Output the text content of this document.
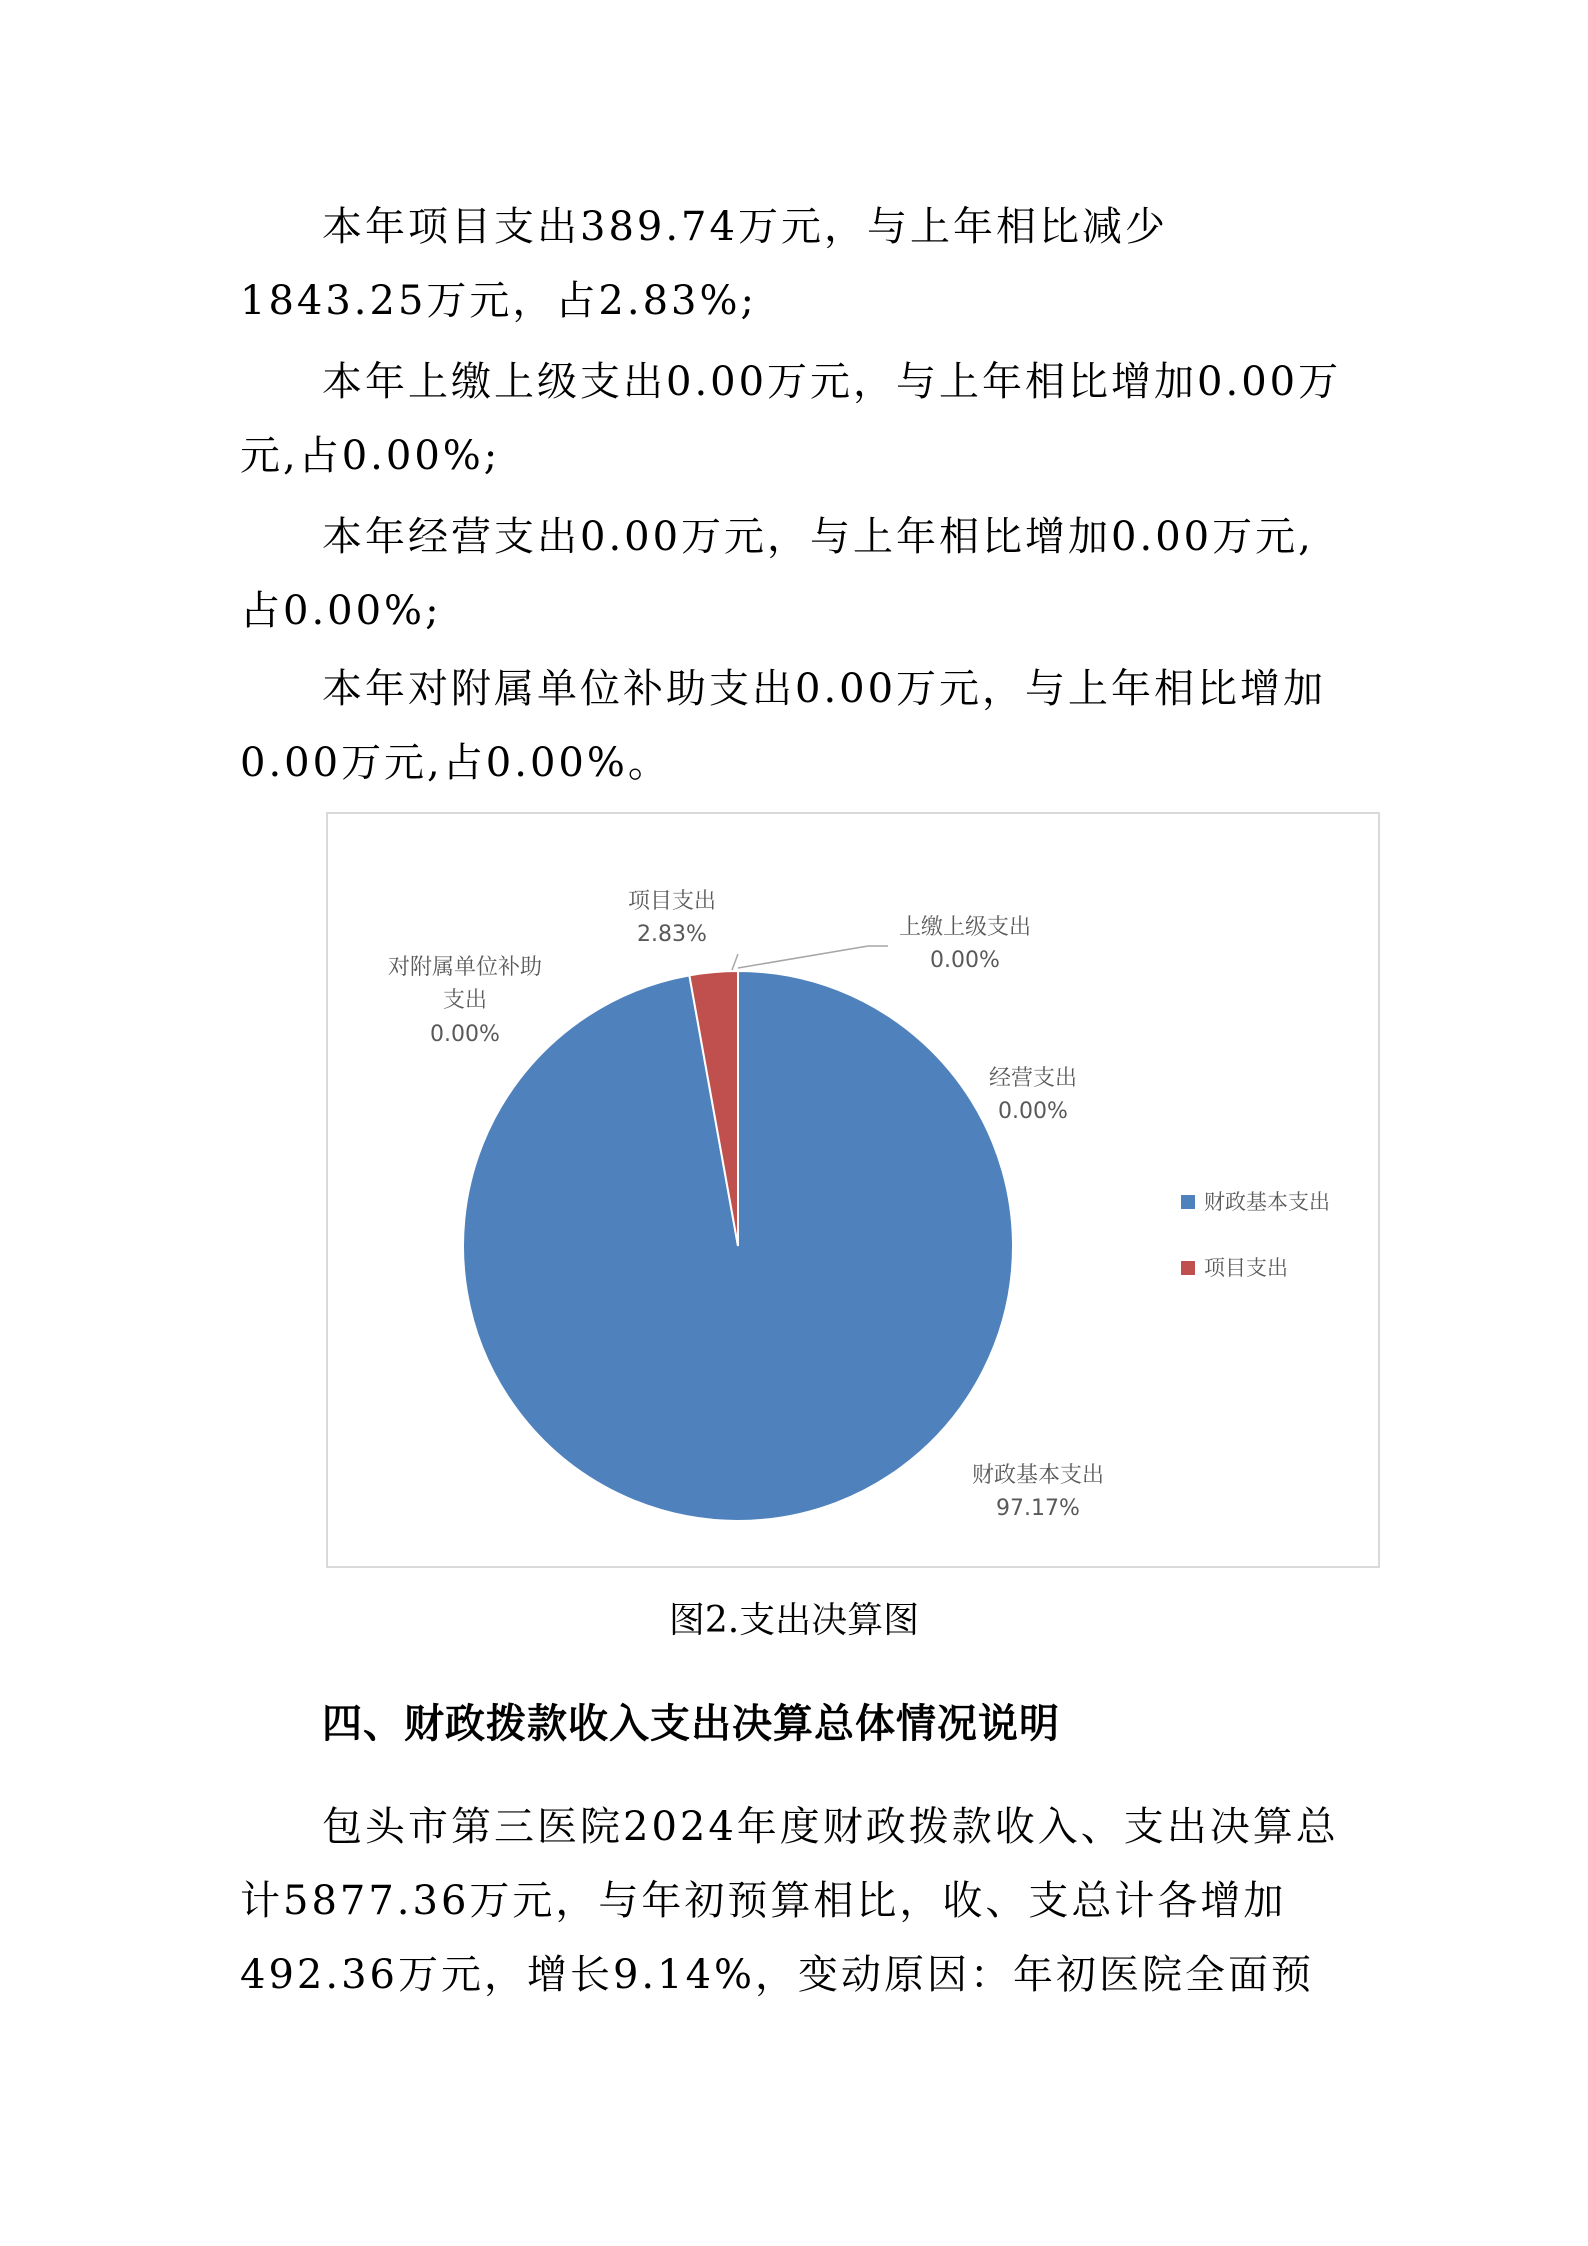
本年项目支出389.74万元，与上年相比减少1843.25万元，占2.83%;

本年上缴上级支出0.00万元，与上年相比增加0.00万元,占0.00%;

本年经营支出0.00万元，与上年相比增加0.00万元,占0.00%;

本年对附属单位补助支出0.00万元，与上年相比增加0.00万元,占0.00%。

项目支出
2.83%	上缴上级支出
0.00%
对附属单位补助
支出
0.00%
经营支出
0.00%
财政基本支出
97.17%
财政基本支出
项目支出

图2.支出决算图

四、财政拨款收入支出决算总体情况说明

包头市第三医院2024年度财政拨款收入、支出决算总计5877.36万元，与年初预算相比，收、支总计各增加492.36万元，增长9.14%，变动原因：年初医院全面预
